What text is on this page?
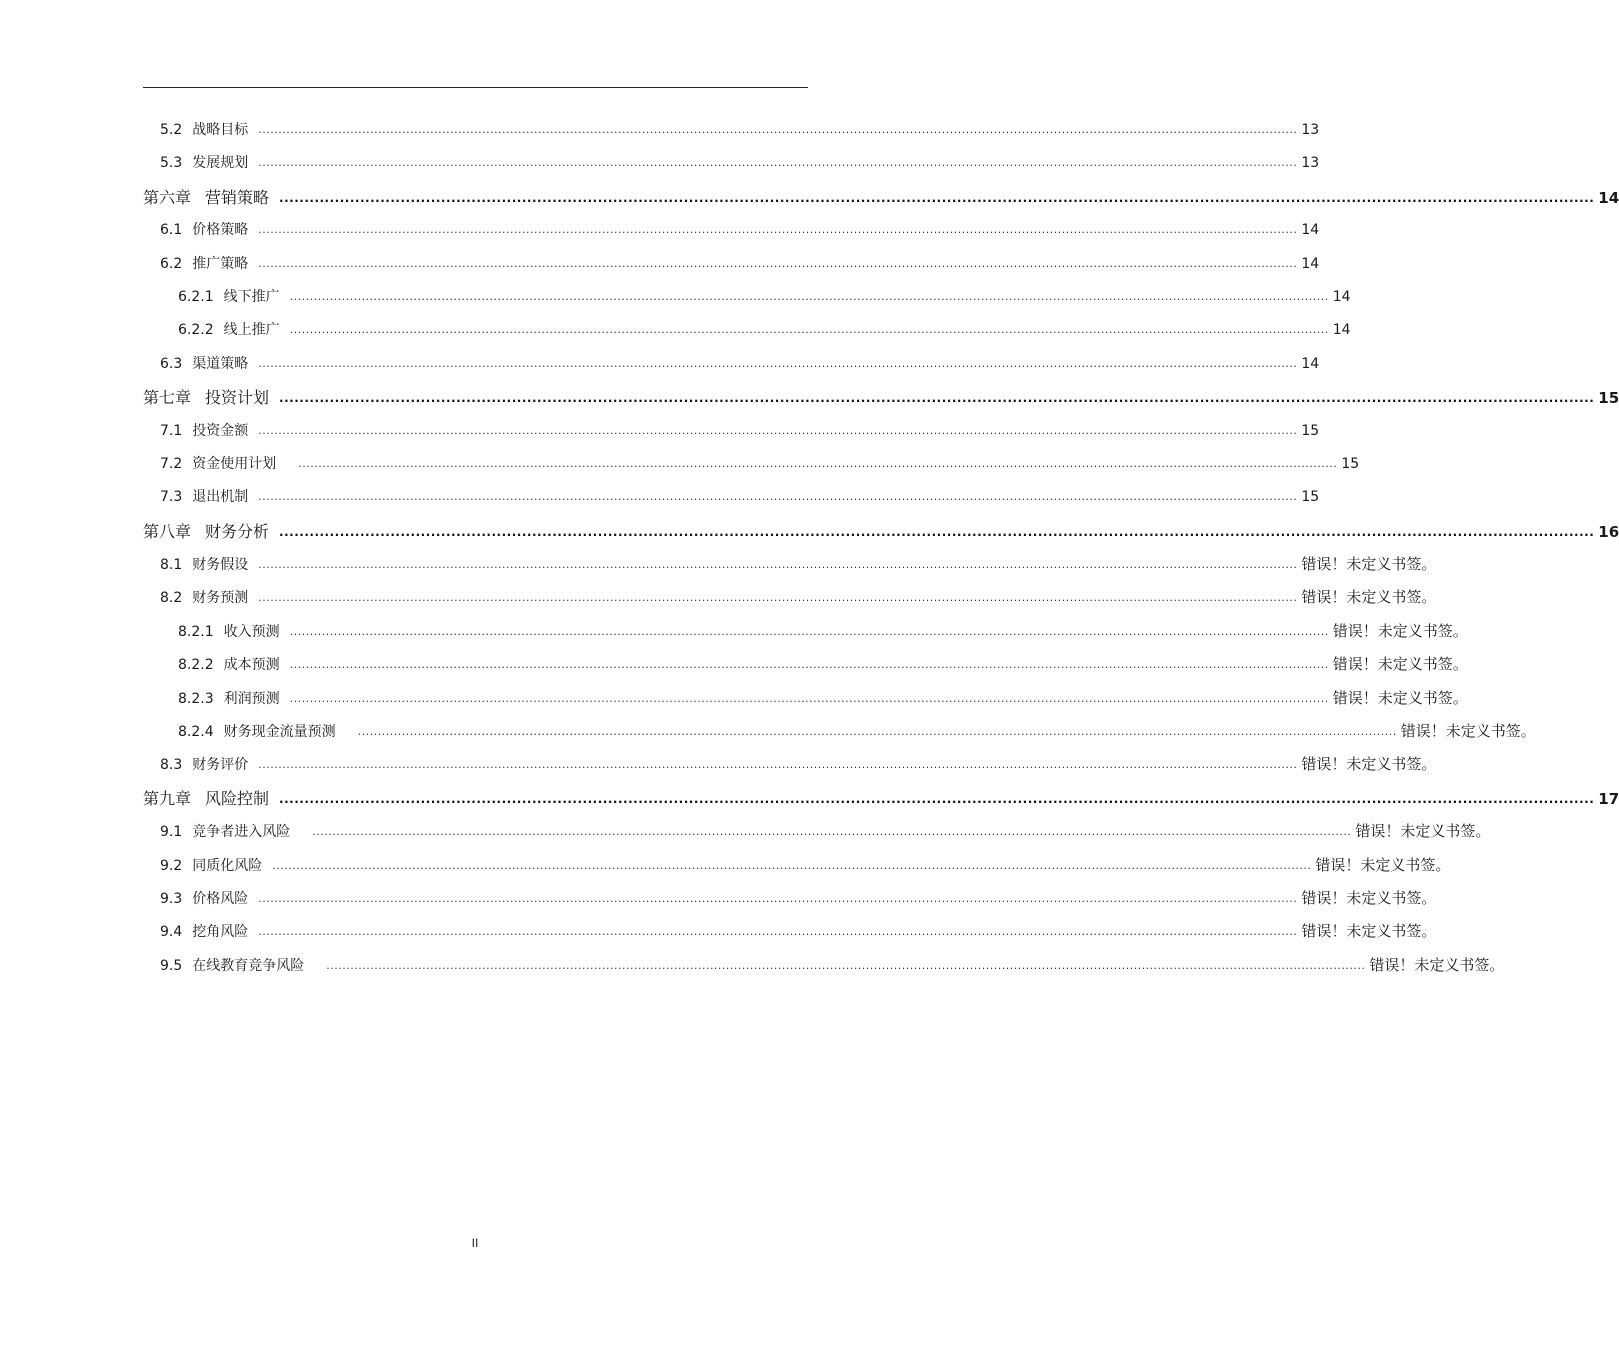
5.2 战略目标 .................................................................................................................................................................................................................................................................... 13
5.3 发展规划 .................................................................................................................................................................................................................................................................... 13
第六章 营销策略 .................................................................................................................................................................................................................................................................... 14
6.1 价格策略 .................................................................................................................................................................................................................................................................... 14
6.2 推广策略 .................................................................................................................................................................................................................................................................... 14
6.2.1 线下推广 .................................................................................................................................................................................................................................................................... 14
6.2.2 线上推广 .................................................................................................................................................................................................................................................................... 14
6.3 渠道策略 .................................................................................................................................................................................................................................................................... 14
第七章 投资计划 .................................................................................................................................................................................................................................................................... 15
7.1 投资金额 .................................................................................................................................................................................................................................................................... 15
7.2 资金使用计划 .................................................................................................................................................................................................................................................................... 15
7.3 退出机制 .................................................................................................................................................................................................................................................................... 15
第八章 财务分析 .................................................................................................................................................................................................................................................................... 16
8.1 财务假设 .................................................................................................................................................................................................................................................................... 错误！未定义书签。
8.2 财务预测 .................................................................................................................................................................................................................................................................... 错误！未定义书签。
8.2.1 收入预测 .................................................................................................................................................................................................................................................................... 错误！未定义书签。
8.2.2 成本预测 .................................................................................................................................................................................................................................................................... 错误！未定义书签。
8.2.3 利润预测 .................................................................................................................................................................................................................................................................... 错误！未定义书签。
8.2.4 财务现金流量预测 .................................................................................................................................................................................................................................................................... 错误！未定义书签。
8.3 财务评价 .................................................................................................................................................................................................................................................................... 错误！未定义书签。
第九章 风险控制 .................................................................................................................................................................................................................................................................... 17
9.1 竞争者进入风险 .................................................................................................................................................................................................................................................................... 错误！未定义书签。
9.2 同质化风险 .................................................................................................................................................................................................................................................................... 错误！未定义书签。
9.3 价格风险 .................................................................................................................................................................................................................................................................... 错误！未定义书签。
9.4 挖角风险 .................................................................................................................................................................................................................................................................... 错误！未定义书签。
9.5 在线教育竞争风险 .................................................................................................................................................................................................................................................................... 错误！未定义书签。
II
